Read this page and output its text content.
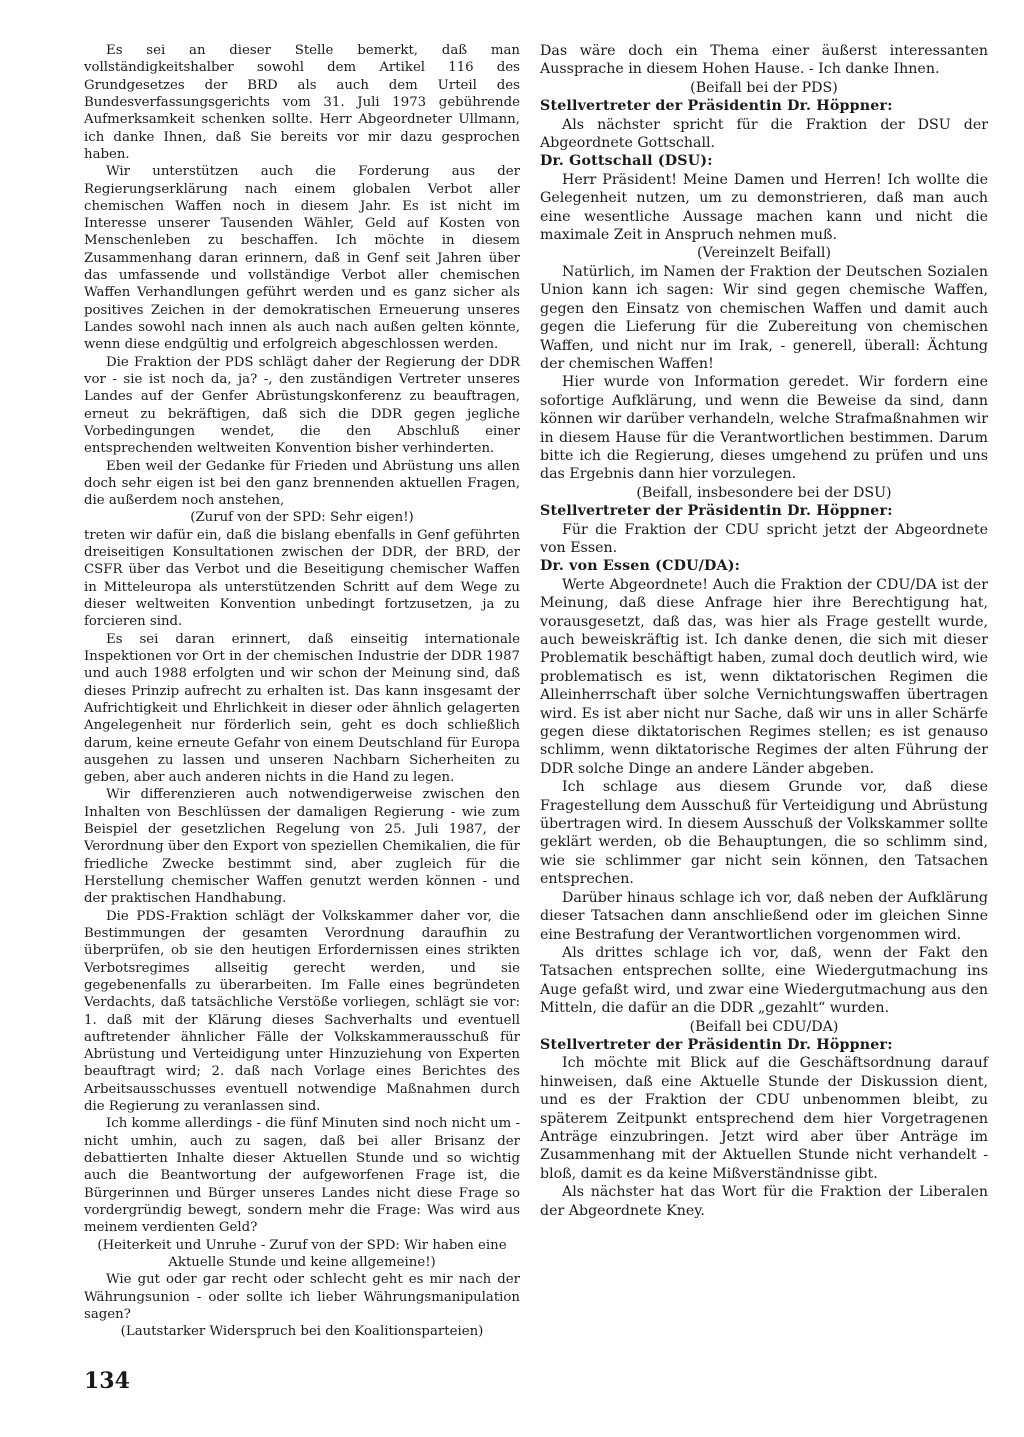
Es sei an dieser Stelle bemerkt, daß man vollständigkeitshalber sowohl dem Artikel 116 des Grundgesetzes der BRD als auch dem Urteil des Bundesverfassungsgerichts vom 31. Juli 1973 gebührende Aufmerksamkeit schenken sollte. Herr Abgeordneter Ullmann, ich danke Ihnen, daß Sie bereits vor mir dazu gesprochen haben.
Wir unterstützen auch die Forderung aus der Regierungserklärung nach einem globalen Verbot aller chemischen Waffen noch in diesem Jahr. Es ist nicht im Interesse unserer Tausenden Wähler, Geld auf Kosten von Menschenleben zu beschaffen. Ich möchte in diesem Zusammenhang daran erinnern, daß in Genf seit Jahren über das umfassende und vollständige Verbot aller chemischen Waffen Verhandlungen geführt werden und es ganz sicher als positives Zeichen in der demokratischen Erneuerung unseres Landes sowohl nach innen als auch nach außen gelten könnte, wenn diese endgültig und erfolgreich abgeschlossen werden.
Die Fraktion der PDS schlägt daher der Regierung der DDR vor - sie ist noch da, ja? -, den zuständigen Vertreter unseres Landes auf der Genfer Abrüstungskonferenz zu beauftragen, erneut zu bekräftigen, daß sich die DDR gegen jegliche Vorbedingungen wendet, die den Abschluß einer entsprechenden weltweiten Konvention bisher verhinderten.
Eben weil der Gedanke für Frieden und Abrüstung uns allen doch sehr eigen ist bei den ganz brennenden aktuellen Fragen, die außerdem noch anstehen,
(Zuruf von der SPD: Sehr eigen!)
treten wir dafür ein, daß die bislang ebenfalls in Genf geführten dreiseitigen Konsultationen zwischen der DDR, der BRD, der CSFR über das Verbot und die Beseitigung chemischer Waffen in Mitteleuropa als unterstützenden Schritt auf dem Wege zu dieser weltweiten Konvention unbedingt fortzusetzen, ja zu forcieren sind.
Es sei daran erinnert, daß einseitig internationale Inspektionen vor Ort in der chemischen Industrie der DDR 1987 und auch 1988 erfolgten und wir schon der Meinung sind, daß dieses Prinzip aufrecht zu erhalten ist. Das kann insgesamt der Aufrichtigkeit und Ehrlichkeit in dieser oder ähnlich gelagerten Angelegenheit nur förderlich sein, geht es doch schließlich darum, keine erneute Gefahr von einem Deutschland für Europa ausgehen zu lassen und unseren Nachbarn Sicherheiten zu geben, aber auch anderen nichts in die Hand zu legen.
Wir differenzieren auch notwendigerweise zwischen den Inhalten von Beschlüssen der damaligen Regierung - wie zum Beispiel der gesetzlichen Regelung von 25. Juli 1987, der Verordnung über den Export von speziellen Chemikalien, die für friedliche Zwecke bestimmt sind, aber zugleich für die Herstellung chemischer Waffen genutzt werden können - und der praktischen Handhabung.
Die PDS-Fraktion schlägt der Volkskammer daher vor, die Bestimmungen der gesamten Verordnung daraufhin zu überprüfen, ob sie den heutigen Erfordernissen eines strikten Verbotsregimes allseitig gerecht werden, und sie gegebenenfalls zu überarbeiten. Im Falle eines begründeten Verdachts, daß tatsächliche Verstöße vorliegen, schlägt sie vor: 1. daß mit der Klärung dieses Sachverhalts und eventuell auftretender ähnlicher Fälle der Volkskammerausschuß für Abrüstung und Verteidigung unter Hinzuziehung von Experten beauftragt wird; 2. daß nach Vorlage eines Berichtes des Arbeitsausschusses eventuell notwendige Maßnahmen durch die Regierung zu veranlassen sind.
Ich komme allerdings - die fünf Minuten sind noch nicht um - nicht umhin, auch zu sagen, daß bei aller Brisanz der debattierten Inhalte dieser Aktuellen Stunde und so wichtig auch die Beantwortung der aufgeworfenen Frage ist, die Bürgerinnen und Bürger unseres Landes nicht diese Frage so vordergründig bewegt, sondern mehr die Frage: Was wird aus meinem verdienten Geld?
(Heiterkeit und Unruhe - Zuruf von der SPD: Wir haben eine Aktuelle Stunde und keine allgemeine!)
Wie gut oder gar recht oder schlecht geht es mir nach der Währungsunion - oder sollte ich lieber Währungsmanipulation sagen?
(Lautstarker Widerspruch bei den Koalitionsparteien)
Das wäre doch ein Thema einer äußerst interessanten Aussprache in diesem Hohen Hause. - Ich danke Ihnen.
(Beifall bei der PDS)
Stellvertreter der Präsidentin Dr. Höppner:
Als nächster spricht für die Fraktion der DSU der Abgeordnete Gottschall.
Dr. Gottschall (DSU):
Herr Präsident! Meine Damen und Herren! Ich wollte die Gelegenheit nutzen, um zu demonstrieren, daß man auch eine wesentliche Aussage machen kann und nicht die maximale Zeit in Anspruch nehmen muß.
(Vereinzelt Beifall)
Natürlich, im Namen der Fraktion der Deutschen Sozialen Union kann ich sagen: Wir sind gegen chemische Waffen, gegen den Einsatz von chemischen Waffen und damit auch gegen die Lieferung für die Zubereitung von chemischen Waffen, und nicht nur im Irak, - generell, überall: Ächtung der chemischen Waffen!
Hier wurde von Information geredet. Wir fordern eine sofortige Aufklärung, und wenn die Beweise da sind, dann können wir darüber verhandeln, welche Strafmaßnahmen wir in diesem Hause für die Verantwortlichen bestimmen. Darum bitte ich die Regierung, dieses umgehend zu prüfen und uns das Ergebnis dann hier vorzulegen.
(Beifall, insbesondere bei der DSU)
Stellvertreter der Präsidentin Dr. Höppner:
Für die Fraktion der CDU spricht jetzt der Abgeordnete von Essen.
Dr. von Essen (CDU/DA):
Werte Abgeordnete! Auch die Fraktion der CDU/DA ist der Meinung, daß diese Anfrage hier ihre Berechtigung hat, vorausgesetzt, daß das, was hier als Frage gestellt wurde, auch beweiskräftig ist. Ich danke denen, die sich mit dieser Problematik beschäftigt haben, zumal doch deutlich wird, wie problematisch es ist, wenn diktatorischen Regimen die Alleinherrschaft über solche Vernichtungswaffen übertragen wird. Es ist aber nicht nur Sache, daß wir uns in aller Schärfe gegen diese diktatorischen Regimes stellen; es ist genauso schlimm, wenn diktatorische Regimes der alten Führung der DDR solche Dinge an andere Länder abgeben.
Ich schlage aus diesem Grunde vor, daß diese Fragestellung dem Ausschuß für Verteidigung und Abrüstung übertragen wird. In diesem Ausschuß der Volkskammer sollte geklärt werden, ob die Behauptungen, die so schlimm sind, wie sie schlimmer gar nicht sein können, den Tatsachen entsprechen.
Darüber hinaus schlage ich vor, daß neben der Aufklärung dieser Tatsachen dann anschließend oder im gleichen Sinne eine Bestrafung der Verantwortlichen vorgenommen wird.
Als drittes schlage ich vor, daß, wenn der Fakt den Tatsachen entsprechen sollte, eine Wiedergutmachung ins Auge gefaßt wird, und zwar eine Wiedergutmachung aus den Mitteln, die dafür an die DDR „gezahlt“ wurden.
(Beifall bei CDU/DA)
Stellvertreter der Präsidentin Dr. Höppner:
Ich möchte mit Blick auf die Geschäftsordnung darauf hinweisen, daß eine Aktuelle Stunde der Diskussion dient, und es der Fraktion der CDU unbenommen bleibt, zu späterem Zeitpunkt entsprechend dem hier Vorgetragenen Anträge einzubringen. Jetzt wird aber über Anträge im Zusammenhang mit der Aktuellen Stunde nicht verhandelt - bloß, damit es da keine Mißverständnisse gibt.
Als nächster hat das Wort für die Fraktion der Liberalen der Abgeordnete Kney.
134
